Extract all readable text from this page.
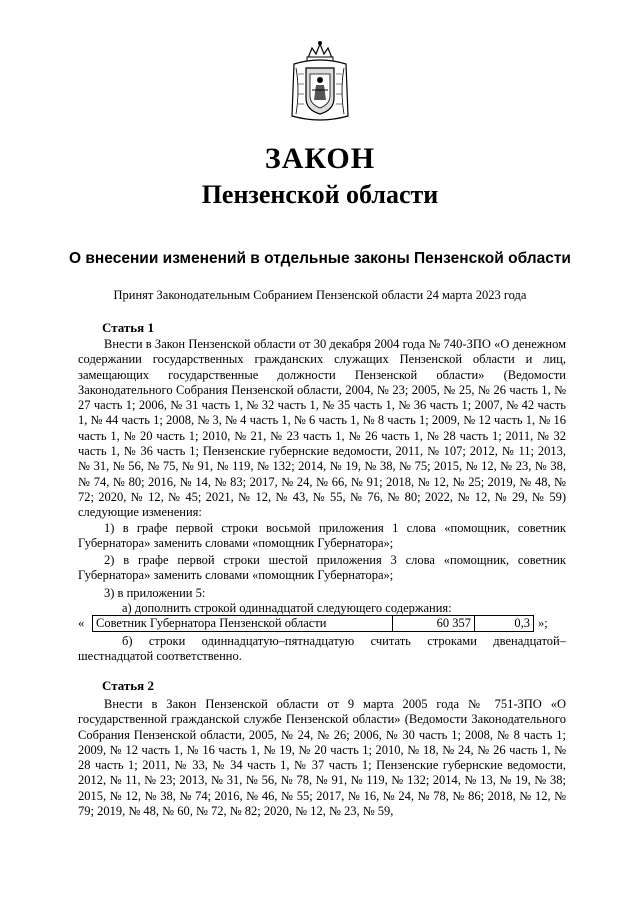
ЗАКОН
Пензенской области
О внесении изменений в отдельные законы Пензенской области
Принят Законодательным Собранием Пензенской области 24 марта 2023 года
Статья 1

Внести в Закон Пензенской области от 30 декабря 2004 года № 740-ЗПО «О денежном содержании государственных гражданских служащих Пензенской области и лиц, замещающих государственные должности Пензенской области» (Ведомости Законодательного Собрания Пензенской области, 2004, № 23; 2005, № 25, № 26 часть 1, № 27 часть 1; 2006, № 31 часть 1, № 32 часть 1, № 35 часть 1, № 36 часть 1; 2007, № 42 часть 1, № 44 часть 1; 2008, № 3, № 4 часть 1, № 6 часть 1, № 8 часть 1; 2009, № 12 часть 1, № 16 часть 1, № 20 часть 1; 2010, № 21, № 23 часть 1, № 26 часть 1, № 28 часть 1; 2011, № 32 часть 1, № 36 часть 1; Пензенские губернские ведомости, 2011, № 107; 2012, № 11; 2013, № 31, № 56, № 75, № 91, № 119, № 132; 2014, № 19, № 38, № 75; 2015, № 12, № 23, № 38, № 74, № 80; 2016, № 14, № 83; 2017, № 24, № 66, № 91; 2018, № 12, № 25; 2019, № 48, № 72; 2020, № 12, № 45; 2021, № 12, № 43, № 55, № 76, № 80; 2022, № 12, № 29, № 59) следующие изменения:

1) в графе первой строки восьмой приложения 1 слова «помощник, советник Губернатора» заменить словами «помощник Губернатора»;

2) в графе первой строки шестой приложения 3 слова «помощник, советник Губернатора» заменить словами «помощник Губернатора»;

3) в приложении 5:

а) дополнить строкой одиннадцатой следующего содержания:

« Советник Губернатора Пензенской области	60 357	0,3 »;

б) строки одиннадцатую–пятнадцатую считать строками двенадцатой–шестнадцатой соответственно.

Статья 2

Внести в Закон Пензенской области от 9 марта 2005 года № 751-ЗПО «О государственной гражданской службе Пензенской области» (Ведомости Законодательного Собрания Пензенской области, 2005, № 24, № 26; 2006, № 30 часть 1; 2008, № 8 часть 1; 2009, № 12 часть 1, № 16 часть 1, № 19, № 20 часть 1; 2010, № 18, № 24, № 26 часть 1, № 28 часть 1; 2011, № 33, № 34 часть 1, № 37 часть 1; Пензенские губернские ведомости, 2012, № 11, № 23; 2013, № 31, № 56, № 78, № 91, № 119, № 132; 2014, № 13, № 19, № 38; 2015, № 12, № 38, № 74; 2016, № 46, № 55; 2017, № 16, № 24, № 78, № 86; 2018, № 12, № 79; 2019, № 48, № 60, № 72, № 82; 2020, № 12, № 23, № 59,
